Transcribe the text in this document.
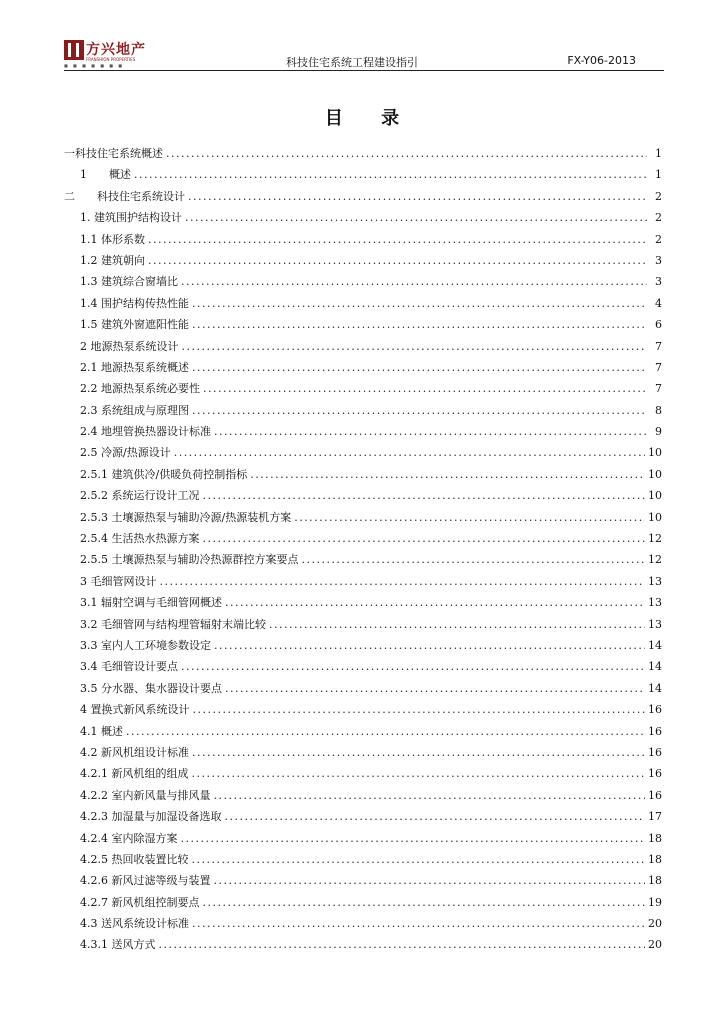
方兴地产
FRANSHION PROPERTIES
■ ■ ■ ■ ■ ■ ■	科技住宅系统工程建设指引	FX-Y06-2013
目 录
一科技住宅系统概述 . . .	1
1　　概述 . . .	1
二　　科技住宅系统设计 . . .	2
1. 建筑围护结构设计 . . .	2
1.1 体形系数 . . .	2
1.2 建筑朝向 . . .	3
1.3 建筑综合窗墙比 . . .	3
1.4 围护结构传热性能 . . .	4
1.5 建筑外窗遮阳性能 . . .	6
2 地源热泵系统设计 . . .	7
2.1 地源热泵系统概述 . . .	7
2.2 地源热泵系统必要性 . . .	7
2.3 系统组成与原理图 . . .	8
2.4 地埋管换热器设计标准 . . .	9
2.5 冷源/热源设计 . . .	10
2.5.1 建筑供冷/供暖负荷控制指标 . . .	10
2.5.2 系统运行设计工况 . . .	10
2.5.3 土壤源热泵与辅助冷源/热源装机方案 . . .	10
2.5.4 生活热水热源方案 . . .	12
2.5.5 土壤源热泵与辅助冷热源群控方案要点 . . .	12
3 毛细管网设计 . . .	13
3.1 辐射空调与毛细管网概述 . . .	13
3.2 毛细管网与结构埋管辐射末端比较 . . .	13
3.3 室内人工环境参数设定 . . .	14
3.4 毛细管设计要点 . . .	14
3.5 分水器、集水器设计要点 . . .	14
4 置换式新风系统设计 . . .	16
4.1 概述 . . .	16
4.2 新风机组设计标准 . . .	16
4.2.1 新风机组的组成 . . .	16
4.2.2 室内新风量与排风量 . . .	16
4.2.3 加湿量与加湿设备选取 . . .	17
4.2.4 室内除湿方案 . . .	18
4.2.5 热回收装置比较 . . .	18
4.2.6 新风过滤等级与装置 . . .	18
4.2.7 新风机组控制要点 . . .	19
4.3 送风系统设计标准 . . .	20
4.3.1 送风方式 . . .	20
